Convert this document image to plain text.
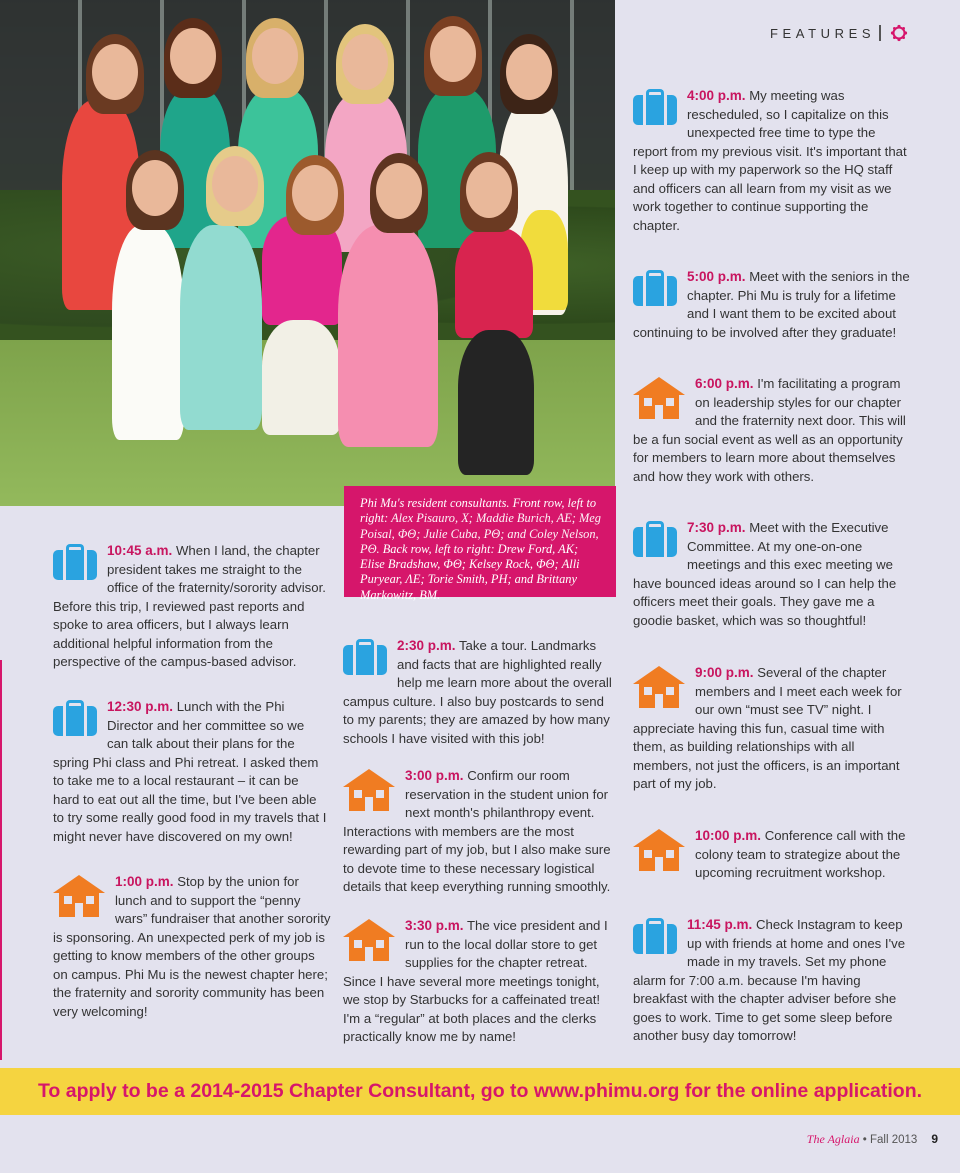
Phi Mu's resident consultants. Front row, left to right: Alex Pisauro, X; Maddie Burich, AE; Meg Poisal, ΦΘ; Julie Cuba, PΘ; and Coley Nelson, PΘ. Back row, left to right: Drew Ford, AK; Elise Bradshaw, ΦΘ; Kelsey Rock, ΦΘ; Alli Puryear, ΛE; Torie Smith, PH; and Brittany Markowitz, BM.
FEATURES
10:45 a.m. When I land, the chapter president takes me straight to the office of the fraternity/sorority advisor. Before this trip, I reviewed past reports and spoke to area officers, but I always learn additional helpful information from the perspective of the campus-based advisor.
12:30 p.m. Lunch with the Phi Director and her committee so we can talk about their plans for the spring Phi class and Phi retreat. I asked them to take me to a local restaurant – it can be hard to eat out all the time, but I've been able to try some really good food in my travels that I might never have discovered on my own!
1:00 p.m. Stop by the union for lunch and to support the “penny wars” fundraiser that another sorority is sponsoring. An unexpected perk of my job is getting to know members of the other groups on campus. Phi Mu is the newest chapter here; the fraternity and sorority community has been very welcoming!
2:30 p.m. Take a tour. Landmarks and facts that are highlighted really help me learn more about the overall campus culture. I also buy postcards to send to my parents; they are amazed by how many schools I have visited with this job!
3:00 p.m. Confirm our room reservation in the student union for next month's philanthropy event. Interactions with members are the most rewarding part of my job, but I also make sure to devote time to these necessary logistical details that keep everything running smoothly.
3:30 p.m. The vice president and I run to the local dollar store to get supplies for the chapter retreat. Since I have several more meetings tonight, we stop by Starbucks for a caffeinated treat! I'm a “regular” at both places and the clerks practically know me by name!
4:00 p.m. My meeting was rescheduled, so I capitalize on this unexpected free time to type the report from my previous visit. It's important that I keep up with my paperwork so the HQ staff and officers can all learn from my visit as we work together to continue supporting the chapter.
5:00 p.m. Meet with the seniors in the chapter. Phi Mu is truly for a lifetime and I want them to be excited about continuing to be involved after they graduate!
6:00 p.m. I'm facilitating a program on leadership styles for our chapter and the fraternity next door. This will be a fun social event as well as an opportunity for members to learn more about themselves and how they work with others.
7:30 p.m. Meet with the Executive Committee. At my one-on-one meetings and this exec meeting we have bounced ideas around so I can help the officers meet their goals. They gave me a goodie basket, which was so thoughtful!
9:00 p.m. Several of the chapter members and I meet each week for our own “must see TV” night. I appreciate having this fun, casual time with them, as building relationships with all members, not just the officers, is an important part of my job.
10:00 p.m. Conference call with the colony team to strategize about the upcoming recruitment workshop.
11:45 p.m. Check Instagram to keep up with friends at home and ones I've made in my travels. Set my phone alarm for 7:00 a.m. because I'm having breakfast with the chapter adviser before she goes to work. Time to get some sleep before another busy day tomorrow!
To apply to be a 2014-2015 Chapter Consultant, go to www.phimu.org for the online application.
The Aglaia • Fall 2013 9
